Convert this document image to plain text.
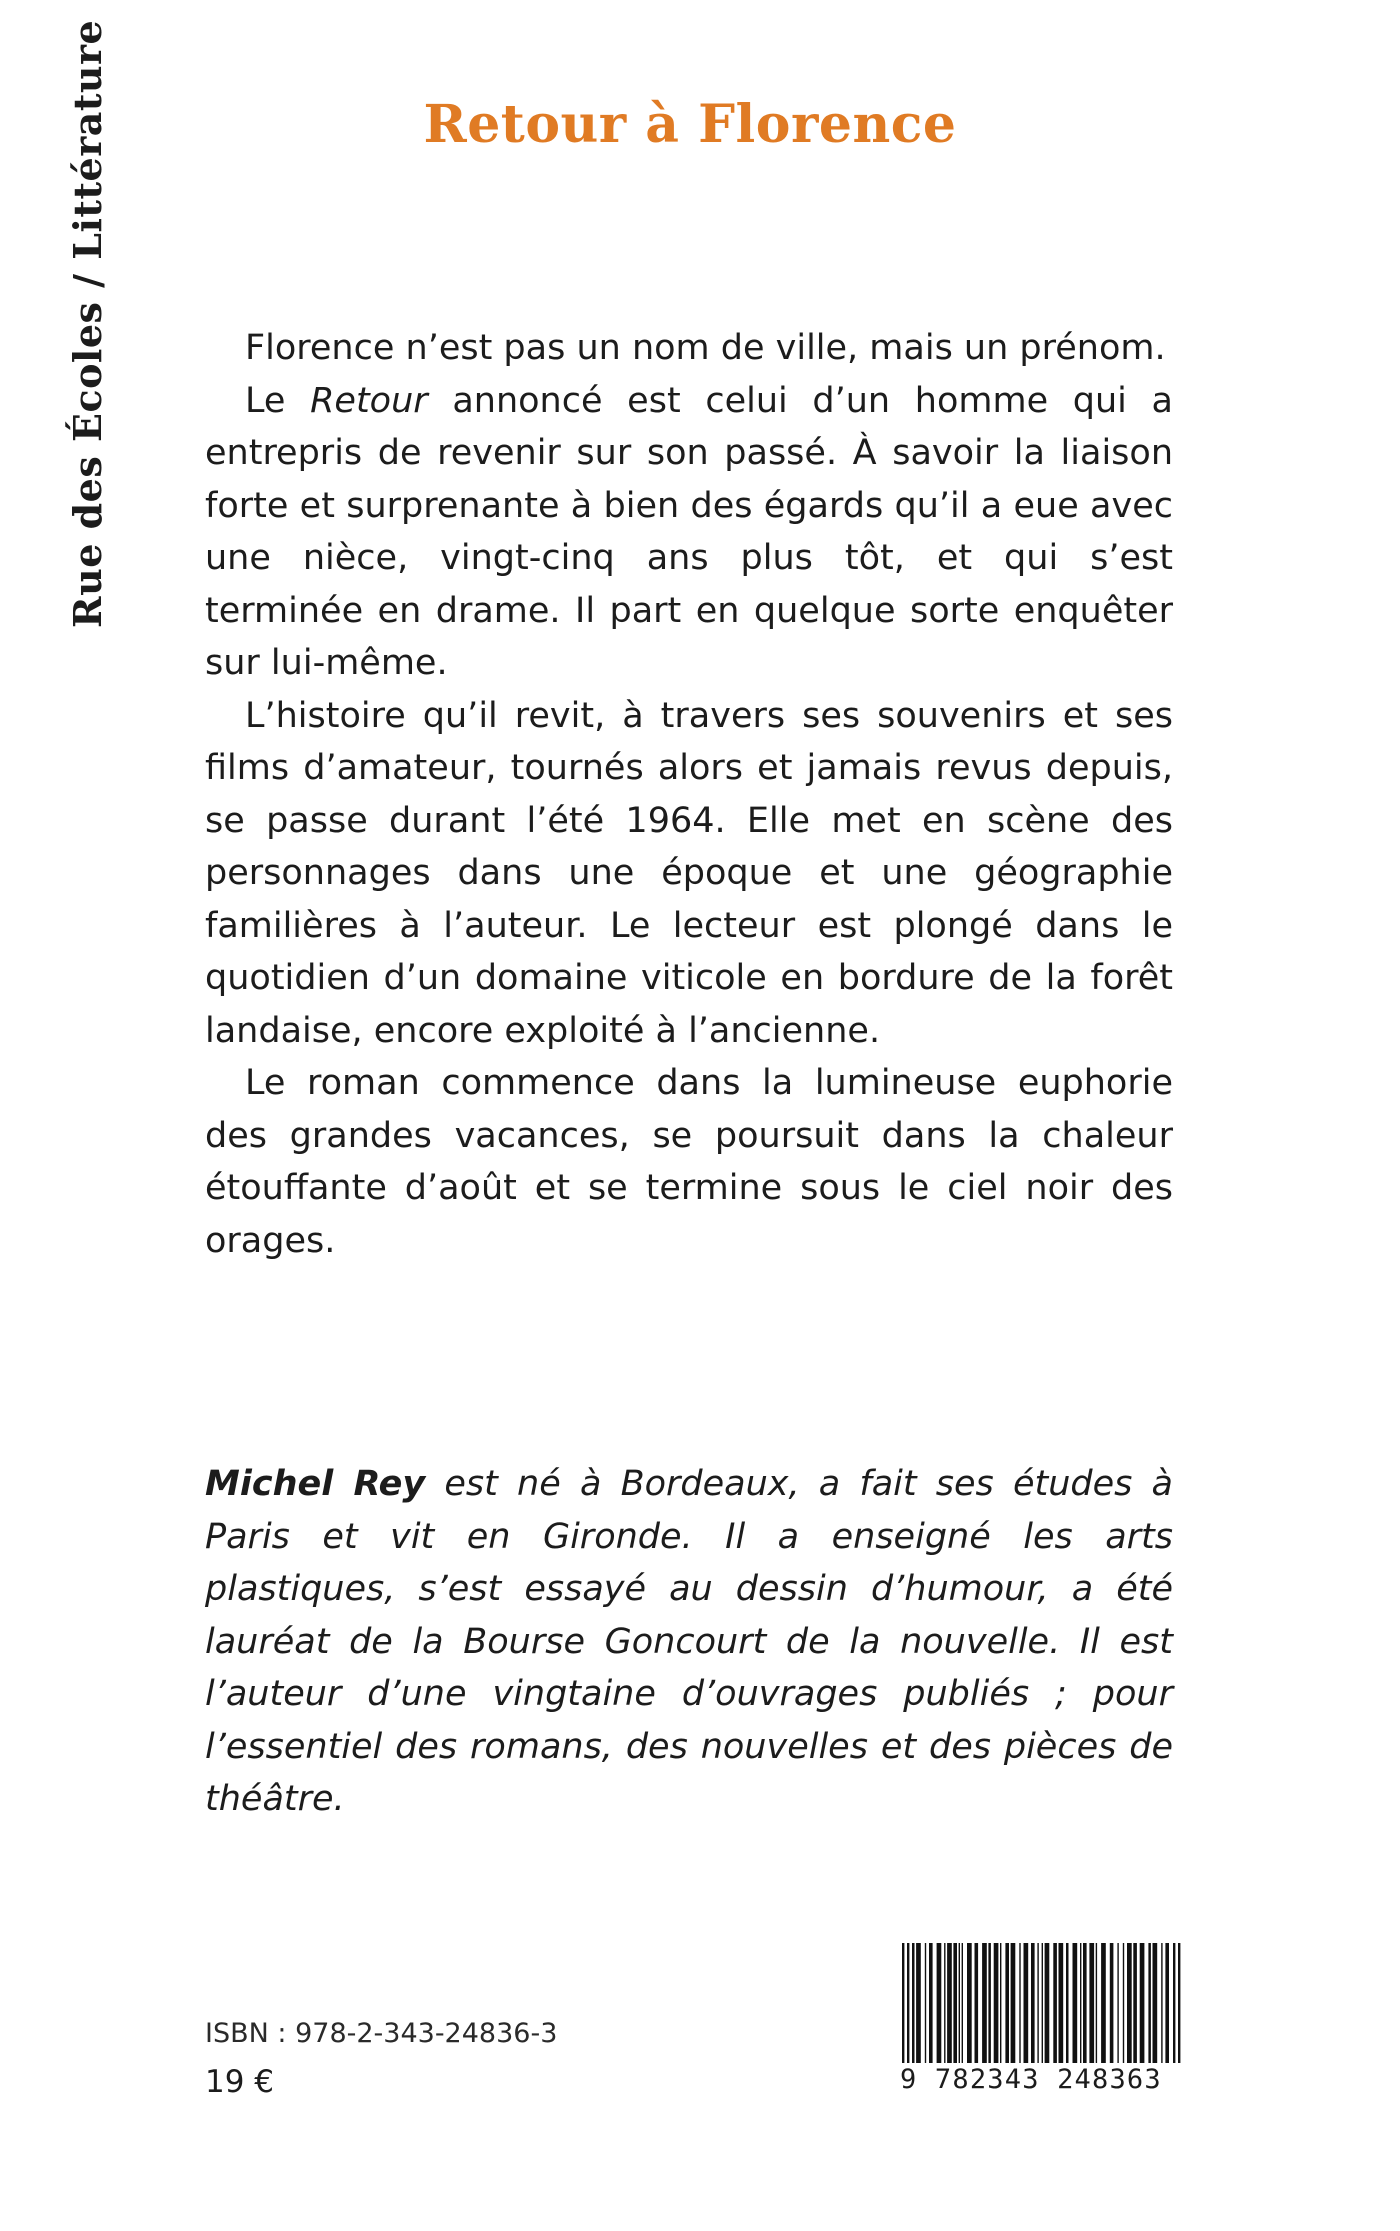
Rue des Écoles / Littérature	Retour à Florence

Florence n’est pas un nom de ville, mais un prénom.

Le Retour annoncé est celui d’un homme qui a entrepris de revenir sur son passé. À savoir la liaison forte et surprenante à bien des égards qu’il a eue avec une nièce, vingt-cinq ans plus tôt, et qui s’est terminée en drame. Il part en quelque sorte enquêter sur lui-même.

L’histoire qu’il revit, à travers ses souvenirs et ses films d’amateur, tournés alors et jamais revus depuis, se passe durant l’été 1964. Elle met en scène des personnages dans une époque et une géographie familières à l’auteur. Le lecteur est plongé dans le quotidien d’un domaine viticole en bordure de la forêt landaise, encore exploité à l’ancienne.

Le roman commence dans la lumineuse euphorie des grandes vacances, se poursuit dans la chaleur étouffante d’août et se termine sous le ciel noir des orages.

Michel Rey est né à Bordeaux, a fait ses études à Paris et vit en Gironde. Il a enseigné les arts plastiques, s’est essayé au dessin d’humour, a été lauréat de la Bourse Goncourt de la nouvelle. Il est l’auteur d’une vingtaine d’ouvrages publiés ; pour l’essentiel des romans, des nouvelles et des pièces de théâtre.

ISBN : 978-2-343-24836-3
19 €	9 782343 248363
